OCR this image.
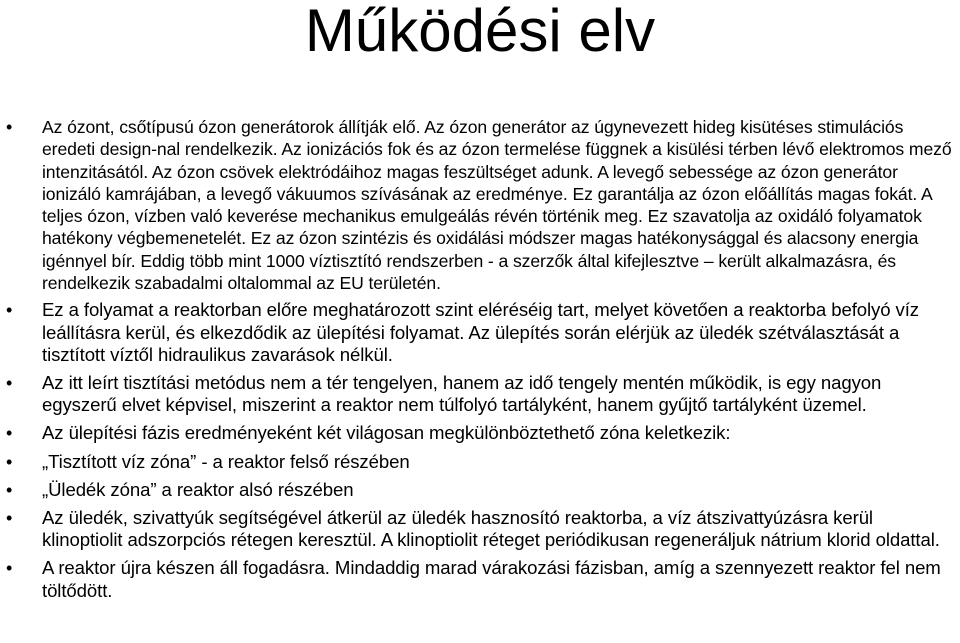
Működési elv
• Az ózont, csőtípusú ózon generátorok állítják elő. Az ózon generátor az úgynevezett hideg kisütéses stimulációs eredeti design-nal rendelkezik. Az ionizációs fok és az ózon termelése függnek a kisülési térben lévő elektromos mező intenzitásától. Az ózon csövek elektródáihoz magas feszültséget adunk. A levegő sebessége az ózon generátor ionizáló kamrájában, a levegő vákuumos szívásának az eredménye. Ez garantálja az ózon előállítás magas fokát. A teljes ózon, vízben való keverése mechanikus emulgeálás révén történik meg. Ez szavatolja az oxidáló folyamatok hatékony végbemenetelét. Ez az ózon szintézis és oxidálási módszer magas hatékonysággal és alacsony energia igénnyel bír. Eddig több mint 1000 víztisztító rendszerben - a szerzők által kifejlesztve – került alkalmazásra, és rendelkezik szabadalmi oltalommal az EU területén.
• Ez a folyamat a reaktorban előre meghatározott szint eléréséig tart, melyet követően a reaktorba befolyó víz leállításra kerül, és elkezdődik az ülepítési folyamat. Az ülepítés során elérjük az üledék szétválasztását a tisztított víztől hidraulikus zavarások nélkül.
• Az itt leírt tisztítási metódus nem a tér tengelyen, hanem az idő tengely mentén működik, is egy nagyon egyszerű elvet képvisel, miszerint a reaktor nem túlfolyó tartályként, hanem gyűjtő tartályként üzemel.
• Az ülepítési fázis eredményeként két világosan megkülönböztethető zóna keletkezik:
• „Tisztított víz zóna” - a reaktor felső részében
• „Üledék zóna” a reaktor alsó részében
• Az üledék, szivattyúk segítségével átkerül az üledék hasznosító reaktorba, a víz átszivattyúzásra kerül klinoptiolit adszorpciós rétegen keresztül. A klinoptiolit réteget periódikusan regeneráljuk nátrium klorid oldattal.
• A reaktor újra készen áll fogadásra. Mindaddig marad várakozási fázisban, amíg a szennyezett reaktor fel nem töltődött.
